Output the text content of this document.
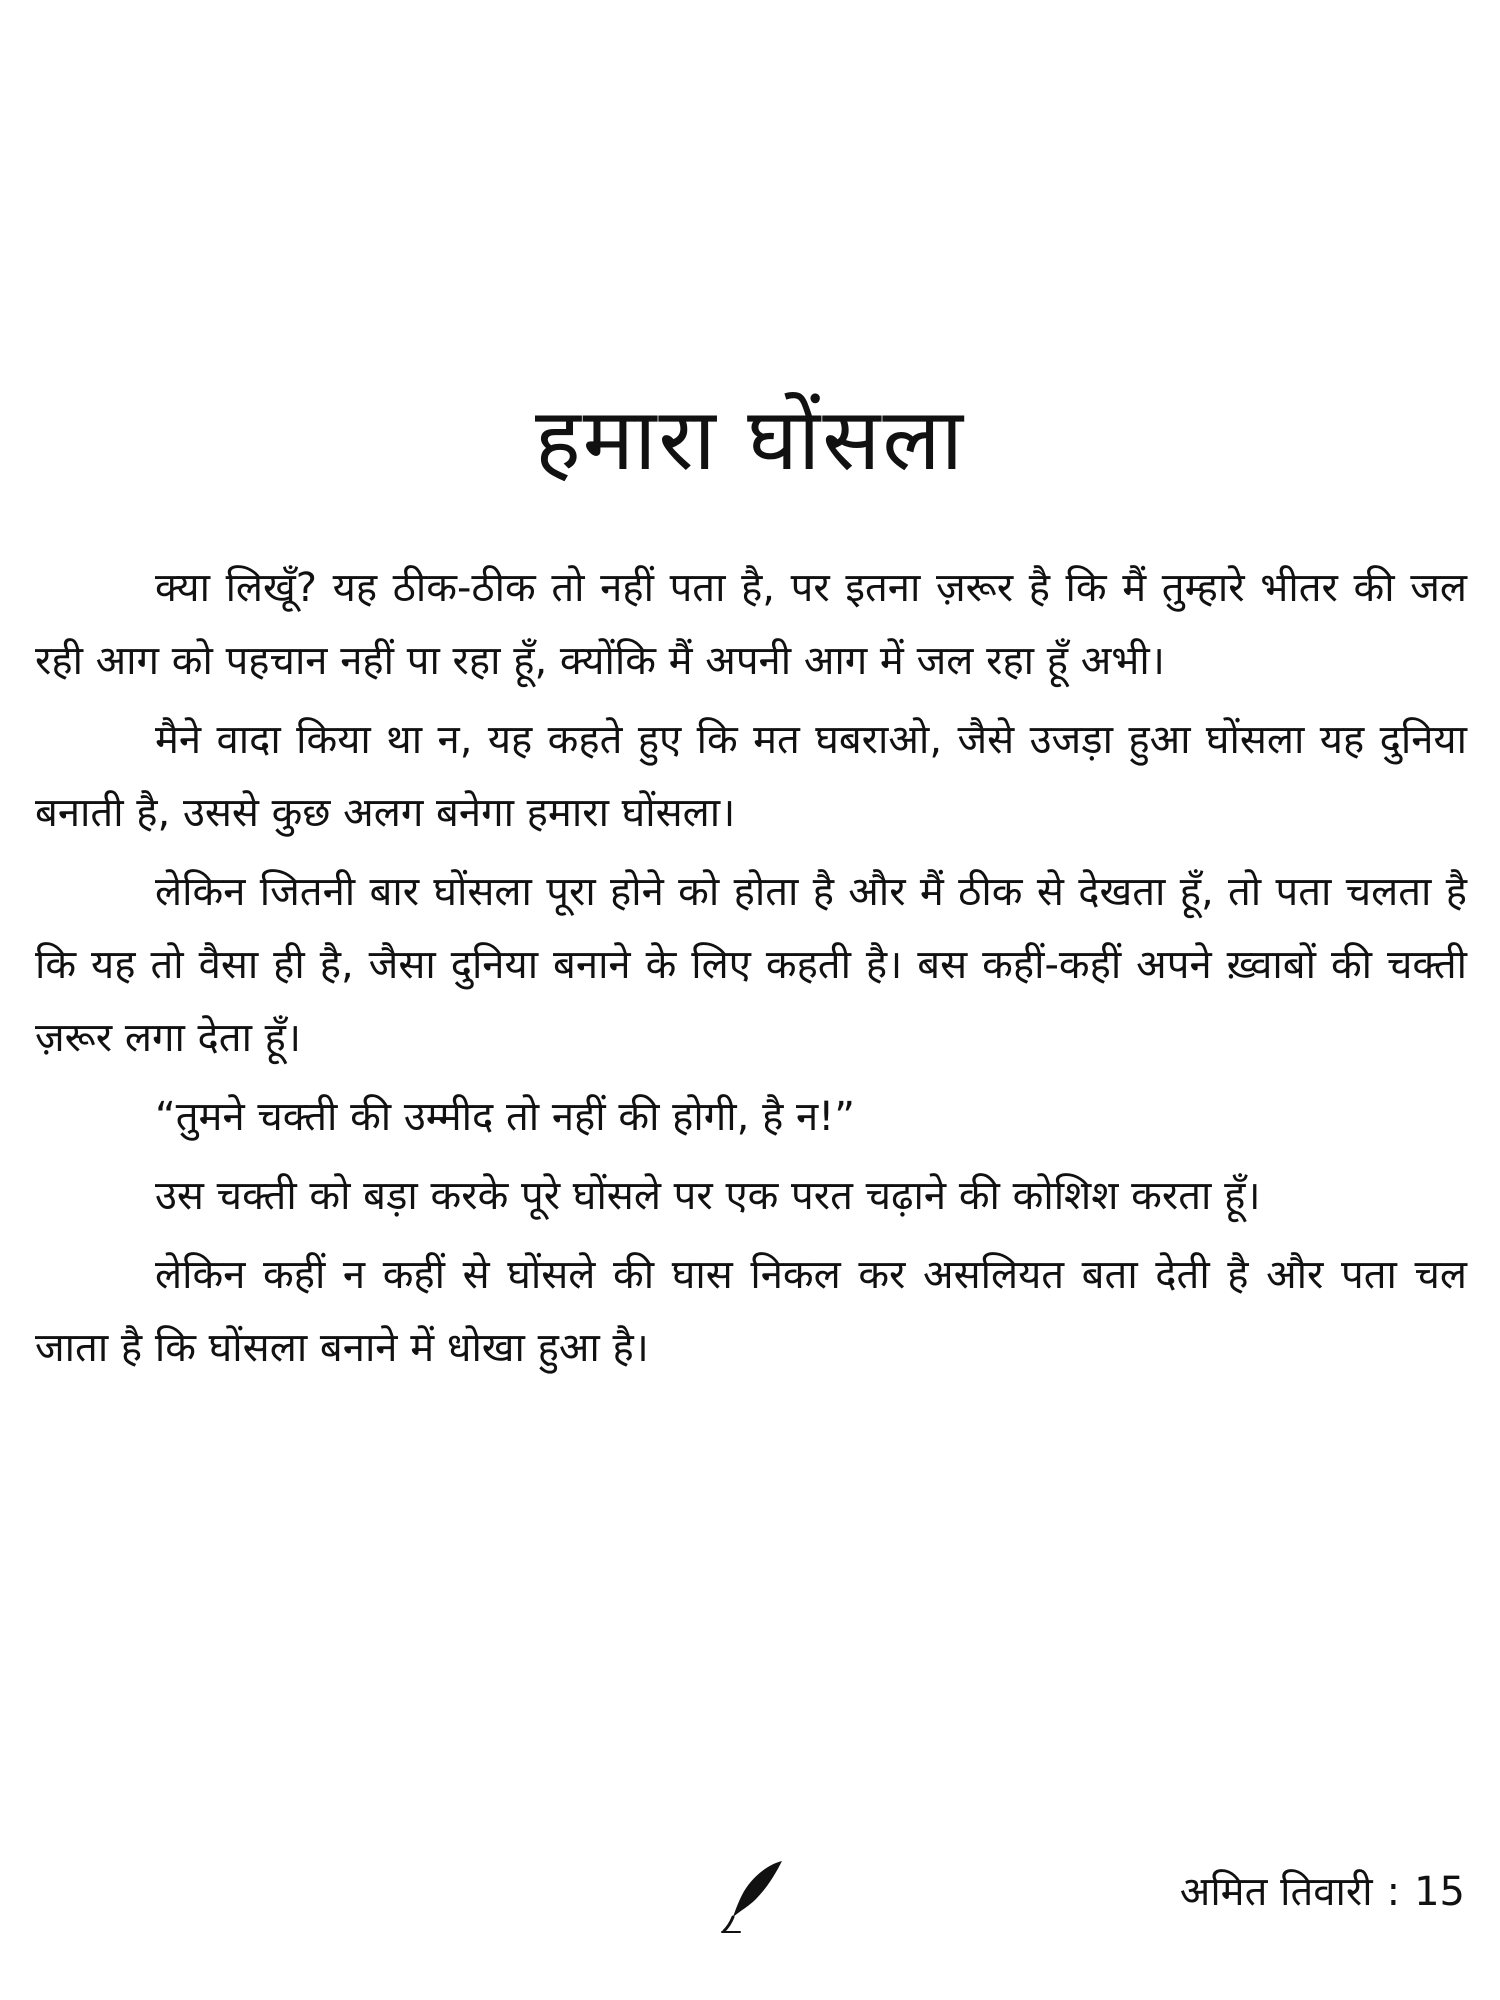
हमारा घोंसला

क्या लिखूँ? यह ठीक-ठीक तो नहीं पता है, पर इतना ज़रूर है कि मैं तुम्हारे भीतर की जल रही आग को पहचान नहीं पा रहा हूँ, क्योंकि मैं अपनी आग में जल रहा हूँ अभी।

मैने वादा किया था न, यह कहते हुए कि मत घबराओ, जैसे उजड़ा हुआ घोंसला यह दुनिया बनाती है, उससे कुछ अलग बनेगा हमारा घोंसला।

लेकिन जितनी बार घोंसला पूरा होने को होता है और मैं ठीक से देखता हूँ, तो पता चलता है कि यह तो वैसा ही है, जैसा दुनिया बनाने के लिए कहती है। बस कहीं-कहीं अपने ख़्वाबों की चक्ती ज़रूर लगा देता हूँ।

“तुमने चक्ती की उम्मीद तो नहीं की होगी, है न!”

उस चक्ती को बड़ा करके पूरे घोंसले पर एक परत चढ़ाने की कोशिश करता हूँ।

लेकिन कहीं न कहीं से घोंसले की घास निकल कर असलियत बता देती है और पता चल जाता है कि घोंसला बनाने में धोखा हुआ है।

अमित तिवारी : 15
